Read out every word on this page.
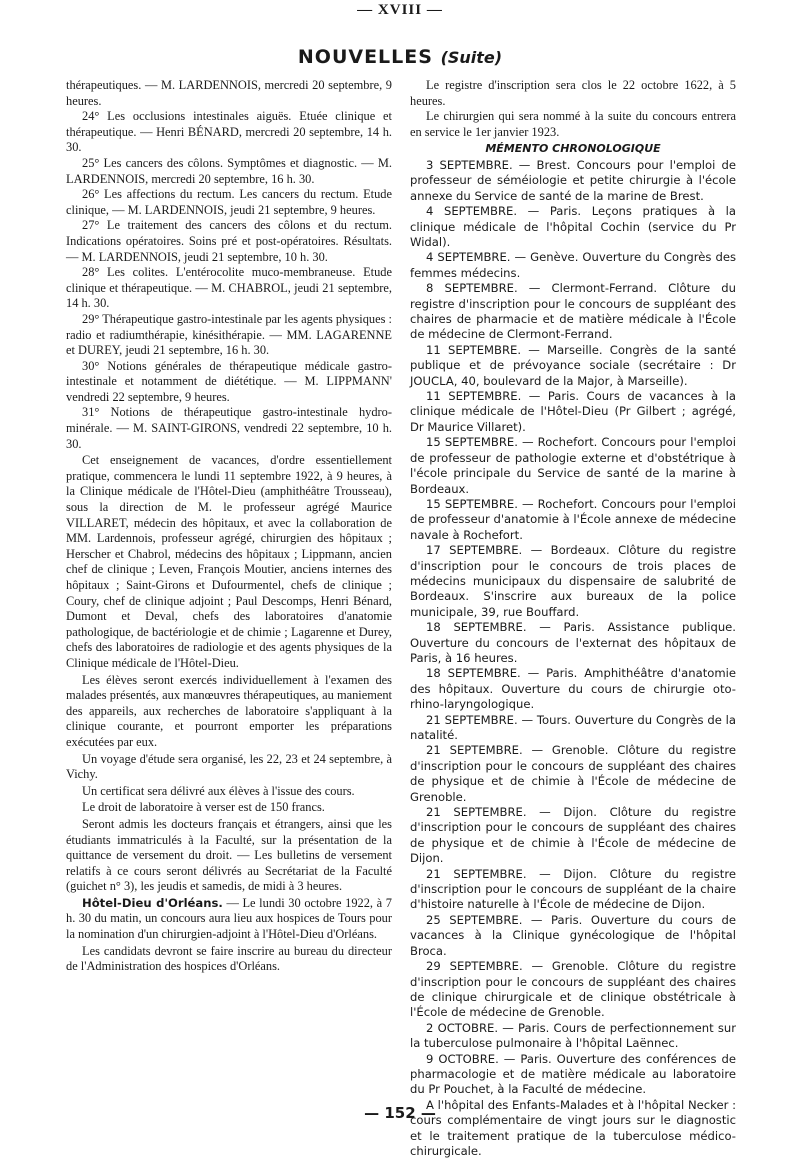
— XVIII —
NOUVELLES (Suite)

thérapeutiques. — M. LARDENNOIS, mercredi 20 septembre, 9 heures.

24° Les occlusions intestinales aiguës. Etuée clinique et thérapeutique. — Henri BÉNARD, mercredi 20 septembre, 14 h. 30.

25° Les cancers des côlons. Symptômes et diagnostic. — M. LARDENNOIS, mercredi 20 septembre, 16 h. 30.

26° Les affections du rectum. Les cancers du rectum. Etude clinique, — M. LARDENNOIS, jeudi 21 septembre, 9 heures.

27° Le traitement des cancers des côlons et du rectum. Indications opératoires. Soins pré et post-opératoires. Résultats. — M. LARDENNOIS, jeudi 21 septembre, 10 h. 30.

28° Les colites. L'entérocolite muco-membraneuse. Etude clinique et thérapeutique. — M. CHABROL, jeudi 21 septembre, 14 h. 30.

29° Thérapeutique gastro-intestinale par les agents physiques : radio et radiumthérapie, kinésithérapie. — MM. LAGARENNE et DUREY, jeudi 21 septembre, 16 h. 30.

30° Notions générales de thérapeutique médicale gastro-intestinale et notamment de diététique. — M. LIPPMANN' vendredi 22 septembre, 9 heures.

31° Notions de thérapeutique gastro-intestinale hydro-minérale. — M. SAINT-GIRONS, vendredi 22 septembre, 10 h. 30.

Cet enseignement de vacances, d'ordre essentiellement pratique, commencera le lundi 11 septembre 1922, à 9 heures, à la Clinique médicale de l'Hôtel-Dieu (amphithéâtre Trousseau), sous la direction de M. le professeur agrégé Maurice VILLARET, médecin des hôpitaux, et avec la collaboration de MM. Lardennois, professeur agrégé, chirurgien des hôpitaux ; Herscher et Chabrol, médecins des hôpitaux ; Lippmann, ancien chef de clinique ; Leven, François Moutier, anciens internes des hôpitaux ; Saint-Girons et Dufourmentel, chefs de clinique ; Coury, chef de clinique adjoint ; Paul Descomps, Henri Bénard, Dumont et Deval, chefs des laboratoires d'anatomie pathologique, de bactériologie et de chimie ; Lagarenne et Durey, chefs des laboratoires de radiologie et des agents physiques de la Clinique médicale de l'Hôtel-Dieu.

Les élèves seront exercés individuellement à l'examen des malades présentés, aux manœuvres thérapeutiques, au maniement des appareils, aux recherches de laboratoire s'appliquant à la clinique courante, et pourront emporter les préparations exécutées par eux.

Un voyage d'étude sera organisé, les 22, 23 et 24 septembre, à Vichy.

Un certificat sera délivré aux élèves à l'issue des cours.

Le droit de laboratoire à verser est de 150 francs.

Seront admis les docteurs français et étrangers, ainsi que les étudiants immatriculés à la Faculté, sur la présentation de la quittance de versement du droit. — Les bulletins de versement relatifs à ce cours seront délivrés au Secrétariat de la Faculté (guichet n° 3), les jeudis et samedis, de midi à 3 heures.

Hôtel-Dieu d'Orléans. — Le lundi 30 octobre 1922, à 7 h. 30 du matin, un concours aura lieu aux hospices de Tours pour la nomination d'un chirurgien-adjoint à l'Hôtel-Dieu d'Orléans.

Les candidats devront se faire inscrire au bureau du directeur de l'Administration des hospices d'Orléans.

Le registre d'inscription sera clos le 22 octobre 1622, à 5 heures.

Le chirurgien qui sera nommé à la suite du concours entrera en service le 1er janvier 1923.

MÉMENTO CHRONOLOGIQUE

3 SEPTEMBRE. — Brest. Concours pour l'emploi de professeur de séméiologie et petite chirurgie à l'école annexe du Service de santé de la marine de Brest.

4 SEPTEMBRE. — Paris. Leçons pratiques à la clinique médicale de l'hôpital Cochin (service du Pr Widal).

4 SEPTEMBRE. — Genève. Ouverture du Congrès des femmes médecins.

8 SEPTEMBRE. — Clermont-Ferrand. Clôture du registre d'inscription pour le concours de suppléant des chaires de pharmacie et de matière médicale à l'École de médecine de Clermont-Ferrand.

11 SEPTEMBRE. — Marseille. Congrès de la santé publique et de prévoyance sociale (secrétaire : Dr JOUCLA, 40, boulevard de la Major, à Marseille).

11 SEPTEMBRE. — Paris. Cours de vacances à la clinique médicale de l'Hôtel-Dieu (Pr Gilbert ; agrégé, Dr Maurice Villaret).

15 SEPTEMBRE. — Rochefort. Concours pour l'emploi de professeur de pathologie externe et d'obstétrique à l'école principale du Service de santé de la marine à Bordeaux.

15 SEPTEMBRE. — Rochefort. Concours pour l'emploi de professeur d'anatomie à l'École annexe de médecine navale à Rochefort.

17 SEPTEMBRE. — Bordeaux. Clôture du registre d'inscription pour le concours de trois places de médecins municipaux du dispensaire de salubrité de Bordeaux. S'inscrire aux bureaux de la police municipale, 39, rue Bouffard.

18 SEPTEMBRE. — Paris. Assistance publique. Ouverture du concours de l'externat des hôpitaux de Paris, à 16 heures.

18 SEPTEMBRE. — Paris. Amphithéâtre d'anatomie des hôpitaux. Ouverture du cours de chirurgie oto-rhino-laryngologique.

21 SEPTEMBRE. — Tours. Ouverture du Congrès de la natalité.

21 SEPTEMBRE. — Grenoble. Clôture du registre d'inscription pour le concours de suppléant des chaires de physique et de chimie à l'École de médecine de Grenoble.

21 SEPTEMBRE. — Dijon. Clôture du registre d'inscription pour le concours de suppléant des chaires de physique et de chimie à l'École de médecine de Dijon.

21 SEPTEMBRE. — Dijon. Clôture du registre d'inscription pour le concours de suppléant de la chaire d'histoire naturelle à l'École de médecine de Dijon.

25 SEPTEMBRE. — Paris. Ouverture du cours de vacances à la Clinique gynécologique de l'hôpital Broca.

29 SEPTEMBRE. — Grenoble. Clôture du registre d'inscription pour le concours de suppléant des chaires de clinique chirurgicale et de clinique obstétricale à l'École de médecine de Grenoble.

2 OCTOBRE. — Paris. Cours de perfectionnement sur la tuberculose pulmonaire à l'hôpital Laënnec.

9 OCTOBRE. — Paris. Ouverture des conférences de pharmacologie et de matière médicale au laboratoire du Pr Pouchet, à la Faculté de médecine.

A l'hôpital des Enfants-Malades et à l'hôpital Necker : cours complémentaire de vingt jours sur le diagnostic et le traitement pratique de la tuberculose médico-chirurgicale.

— 152 —
